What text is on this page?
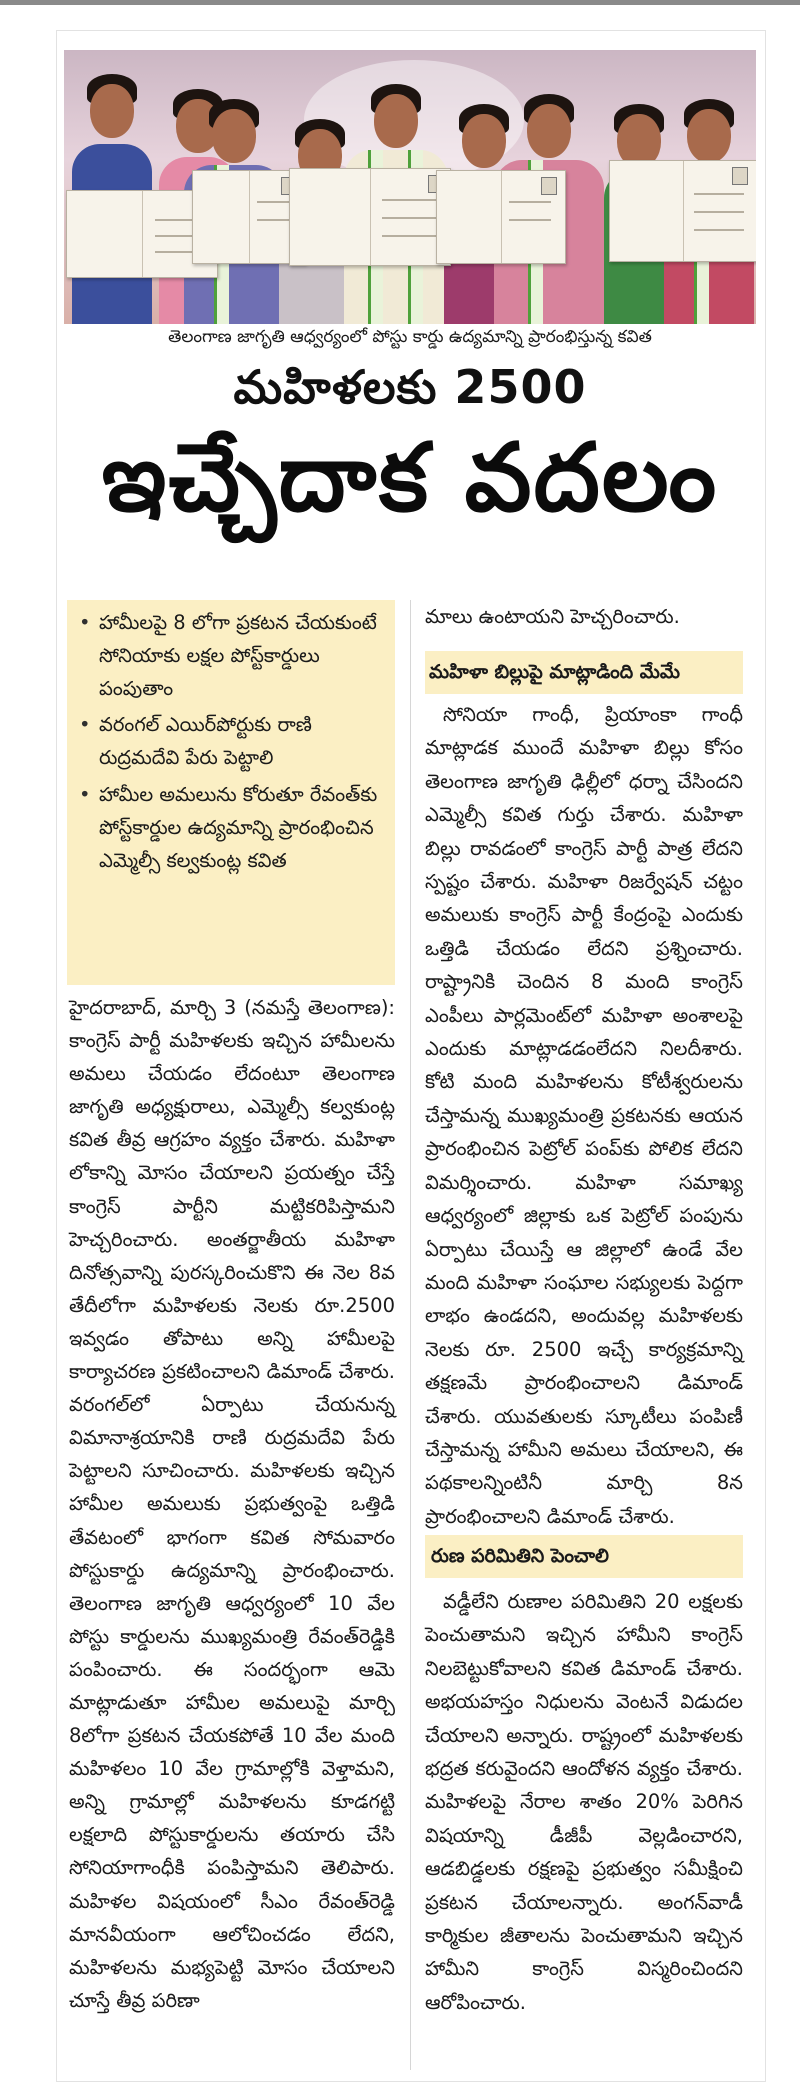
తెలంగాణ జాగృతి ఆధ్వర్యంలో పోస్టు కార్డు ఉద్యమాన్ని ప్రారంభిస్తున్న కవిత
మహిళలకు 2500
ఇచ్చేదాక వదలం
• హామీలపై 8 లోగా ప్రకటన చేయకుంటే సోనియాకు లక్షల పోస్ట్‌కార్డులు పంపుతాం
• వరంగల్ ఎయిర్‌పోర్టుకు రాణి రుద్రమదేవి పేరు పెట్టాలి
• హామీల అమలును కోరుతూ రేవంత్‌కు పోస్ట్‌కార్డుల ఉద్యమాన్ని ప్రారంభించిన ఎమ్మెల్సీ కల్వకుంట్ల కవిత
హైదరాబాద్, మార్చి 3 (నమస్తే తెలంగాణ): కాంగ్రెస్ పార్టీ మహిళలకు ఇచ్చిన హామీలను అమలు చేయడం లేదంటూ తెలంగాణ జాగృతి అధ్యక్షురాలు, ఎమ్మెల్సీ కల్వకుంట్ల కవిత తీవ్ర ఆగ్రహం వ్యక్తం చేశారు. మహిళా లోకాన్ని మోసం చేయాలని ప్రయత్నం చేస్తే కాంగ్రెస్ పార్టీని మట్టికరిపిస్తామని హెచ్చరించారు. అంతర్జాతీయ మహిళా దినోత్సవాన్ని పురస్కరించుకొని ఈ నెల 8వ తేదీలోగా మహిళలకు నెలకు రూ.2500 ఇవ్వడం తోపాటు అన్ని హామీలపై కార్యాచరణ ప్రకటించాలని డిమాండ్ చేశారు. వరంగల్‌లో ఏర్పాటు చేయనున్న విమానాశ్రయానికి రాణి రుద్రమదేవి పేరు పెట్టాలని సూచించారు. మహిళలకు ఇచ్చిన హామీల అమలుకు ప్రభుత్వంపై ఒత్తిడి తేవటంలో భాగంగా కవిత సోమవారం పోస్టుకార్డు ఉద్యమాన్ని ప్రారంభించారు. తెలంగాణ జాగృతి ఆధ్వర్యంలో 10 వేల పోస్టు కార్డులను ముఖ్యమంత్రి రేవంత్‌రెడ్డికి పంపించారు. ఈ సందర్భంగా ఆమె మాట్లాడుతూ హామీల అమలుపై మార్చి 8లోగా ప్రకటన చేయకపోతే 10 వేల మంది మహిళలం 10 వేల గ్రామాల్లోకి వెళ్తామని, అన్ని గ్రామాల్లో మహిళలను కూడగట్టి లక్షలాది పోస్టుకార్డులను తయారు చేసి సోనియాగాంధీకి పంపిస్తామని తెలిపారు. మహిళల విషయంలో సీఎం రేవంత్‌రెడ్డి మానవీయంగా ఆలోచించడం లేదని, మహిళలను మభ్యపెట్టి మోసం చేయాలని చూస్తే తీవ్ర పరిణా
మాలు ఉంటాయని హెచ్చరించారు.
మహిళా బిల్లుపై మాట్లాడింది మేమే
సోనియా గాంధీ, ప్రియాంకా గాంధీ మాట్లాడక ముందే మహిళా బిల్లు కోసం తెలంగాణ జాగృతి ఢిల్లీలో ధర్నా చేసిందని ఎమ్మెల్సీ కవిత గుర్తు చేశారు. మహిళా బిల్లు రావడంలో కాంగ్రెస్ పార్టీ పాత్ర లేదని స్పష్టం చేశారు. మహిళా రిజర్వేషన్ చట్టం అమలుకు కాంగ్రెస్ పార్టీ కేంద్రంపై ఎందుకు ఒత్తిడి చేయడం లేదని ప్రశ్నించారు. రాష్ట్రానికి చెందిన 8 మంది కాంగ్రెస్ ఎంపీలు పార్లమెంట్‌లో మహిళా అంశాలపై ఎందుకు మాట్లాడడంలేదని నిలదీశారు. కోటి మంది మహిళలను కోటీశ్వరులను చేస్తామన్న ముఖ్యమంత్రి ప్రకటనకు ఆయన ప్రారంభించిన పెట్రోల్ పంప్‌కు పోలిక లేదని విమర్శించారు. మహిళా సమాఖ్య ఆధ్వర్యంలో జిల్లాకు ఒక పెట్రోల్ పంపును ఏర్పాటు చేయిస్తే ఆ జిల్లాలో ఉండే వేల మంది మహిళా సంఘాల సభ్యులకు పెద్దగా లాభం ఉండదని, అందువల్ల మహిళలకు నెలకు రూ. 2500 ఇచ్చే కార్యక్రమాన్ని తక్షణమే ప్రారంభించాలని డిమాండ్ చేశారు. యువతులకు స్కూటీలు పంపిణీ చేస్తామన్న హామీని అమలు చేయాలని, ఈ పథకాలన్నింటినీ మార్చి 8న ప్రారంభించాలని డిమాండ్ చేశారు.
రుణ పరిమితిని పెంచాలి
వడ్డీలేని రుణాల పరిమితిని 20 లక్షలకు పెంచుతామని ఇచ్చిన హామీని కాంగ్రెస్ నిలబెట్టుకోవాలని కవిత డిమాండ్ చేశారు. అభయహస్తం నిధులను వెంటనే విడుదల చేయాలని అన్నారు. రాష్ట్రంలో మహిళలకు భద్రత కరువైందని ఆందోళన వ్యక్తం చేశారు. మహిళలపై నేరాల శాతం 20% పెరిగిన విషయాన్ని డీజీపీ వెల్లడించారని, ఆడబిడ్డలకు రక్షణపై ప్రభుత్వం సమీక్షించి ప్రకటన చేయాలన్నారు. అంగన్‌వాడీ కార్మికుల జీతాలను పెంచుతామని ఇచ్చిన హామీని కాంగ్రెస్ విస్మరించిందని ఆరోపించారు.
